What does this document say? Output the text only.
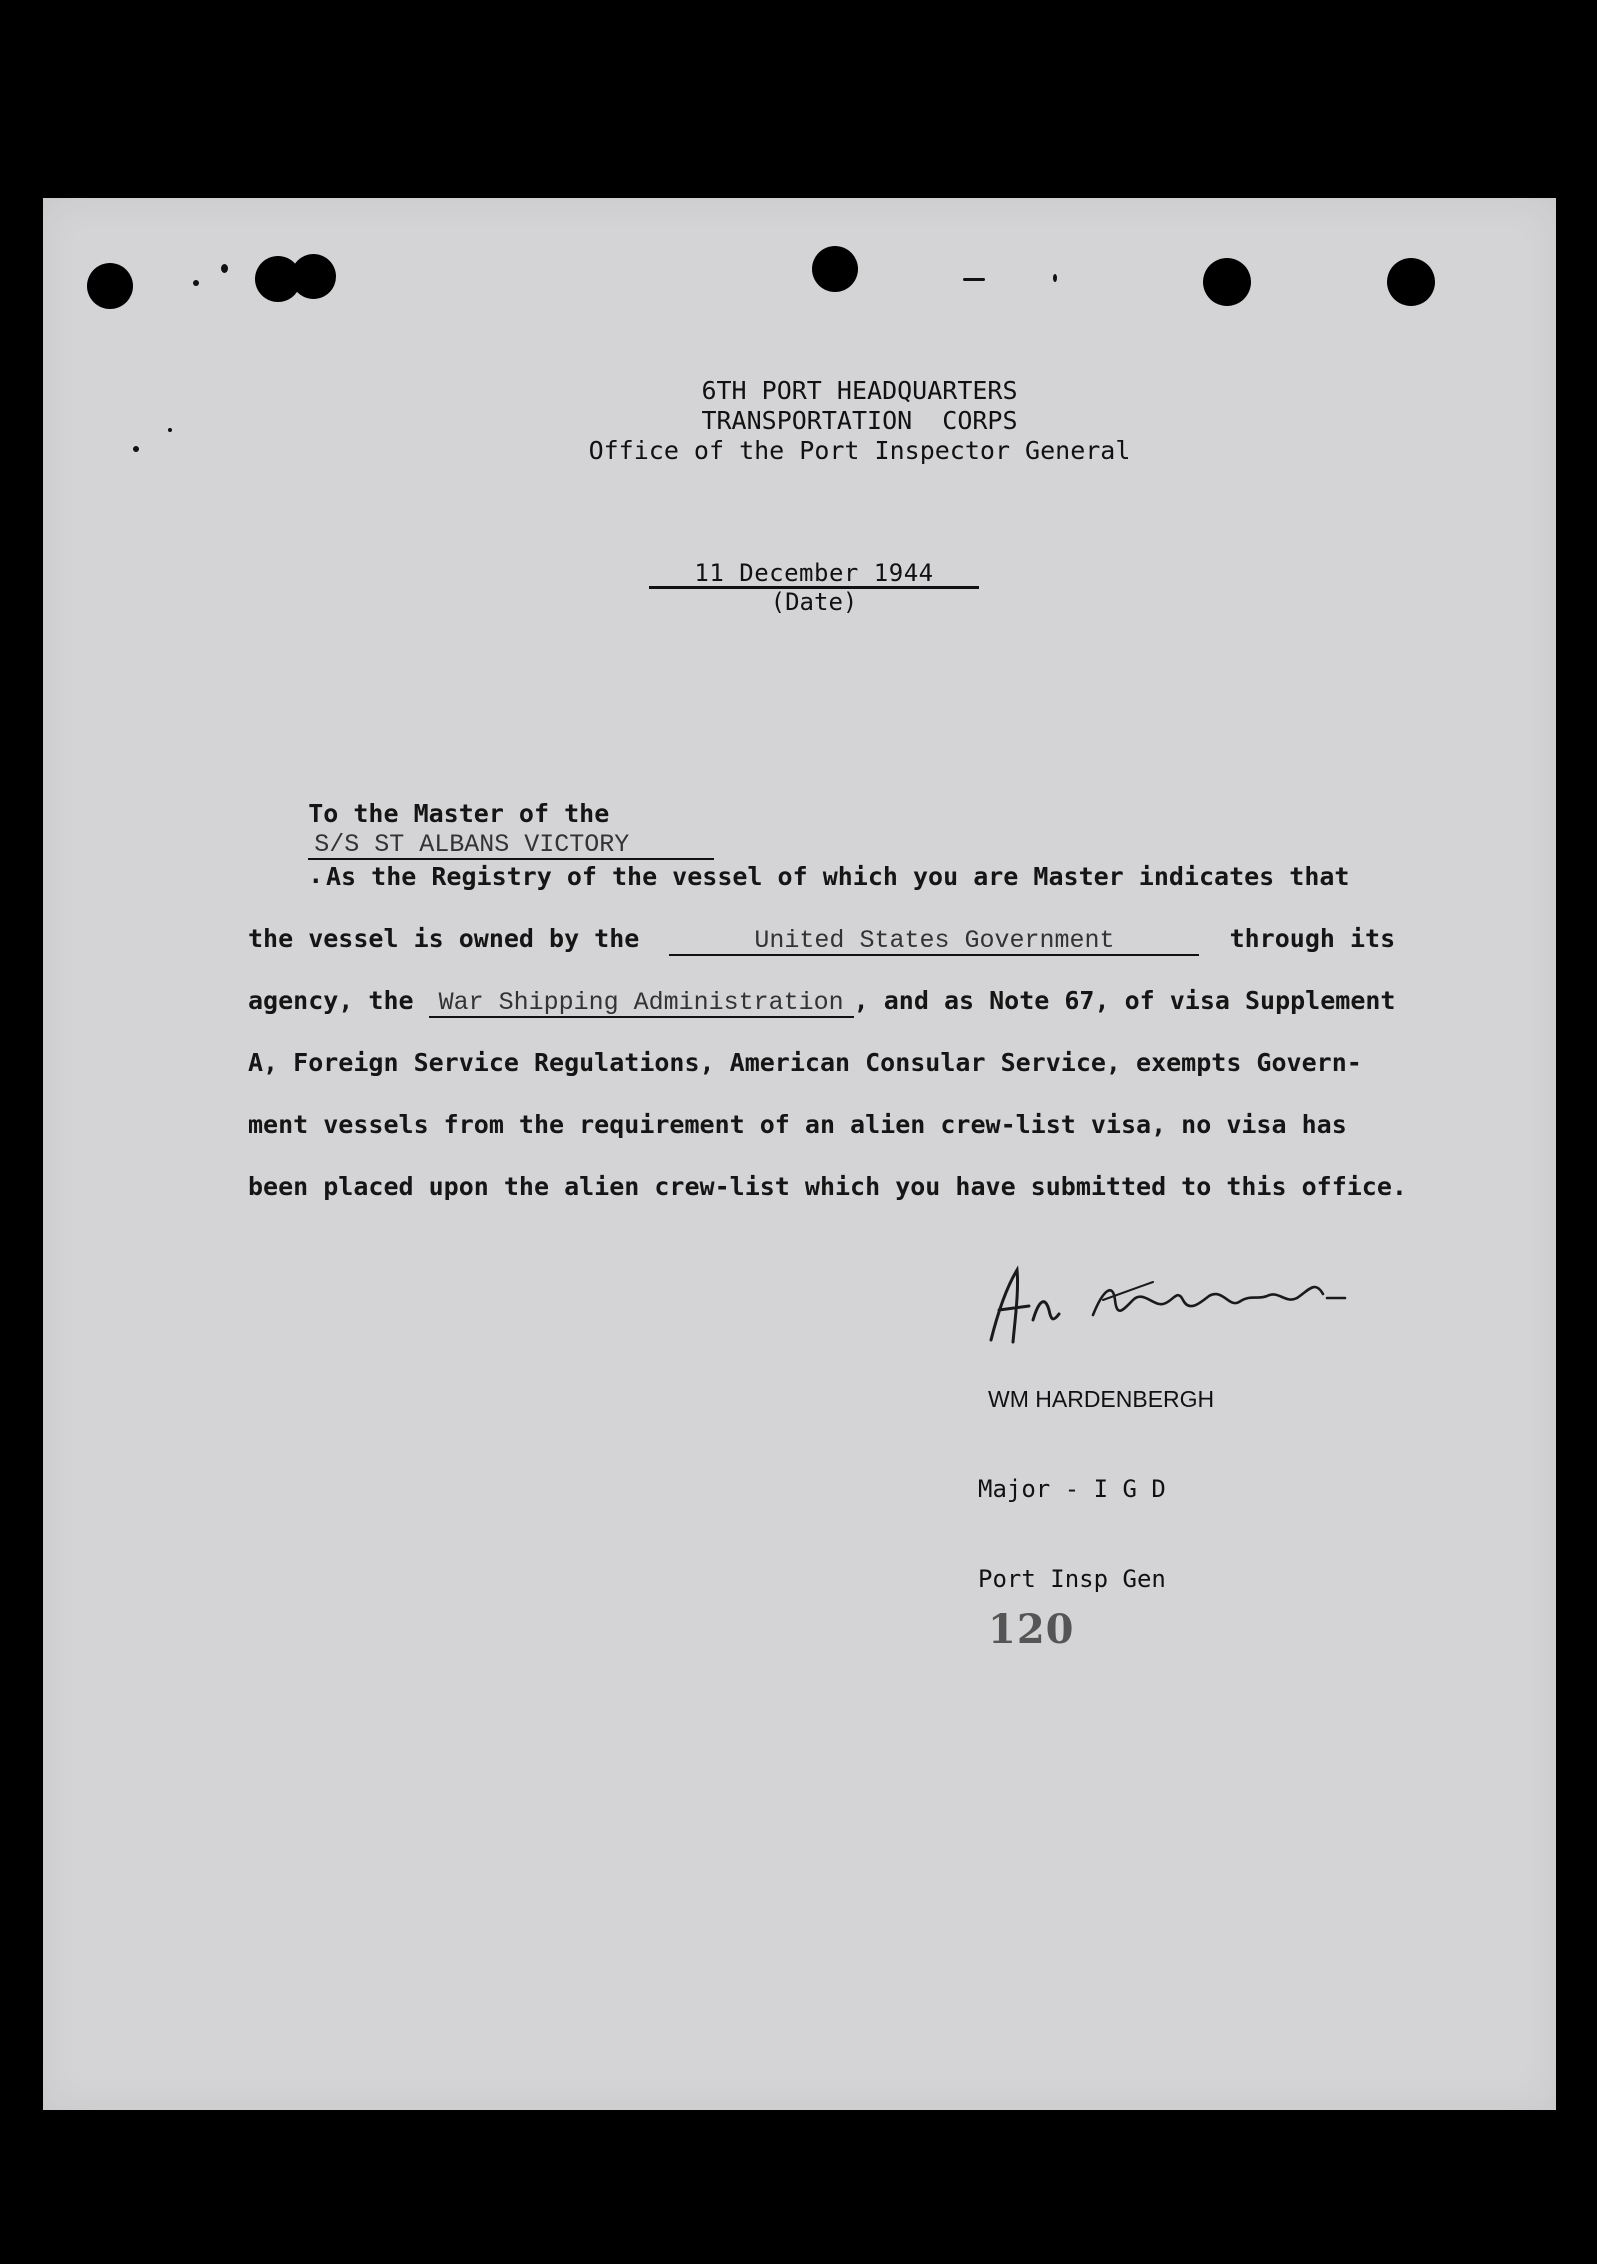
6TH PORT HEADQUARTERS
TRANSPORTATION  CORPS
Office of the Port Inspector General
11 December 1944
(Date)

To the Master of the
S/S ST ALBANS VICTORY
.

As the Registry of the vessel of which you are Master indicates that

the vessel is owned by the	United States Government	through its

agency, the War Shipping Administration , and as Note 67, of visa Supplement

A, Foreign Service Regulations, American Consular Service, exempts Govern-

ment vessels from the requirement of an alien crew-list visa, no visa has

been placed upon the alien crew-list which you have submitted to this office.

WM HARDENBERGH

Major - I G D

Port Insp Gen

120
